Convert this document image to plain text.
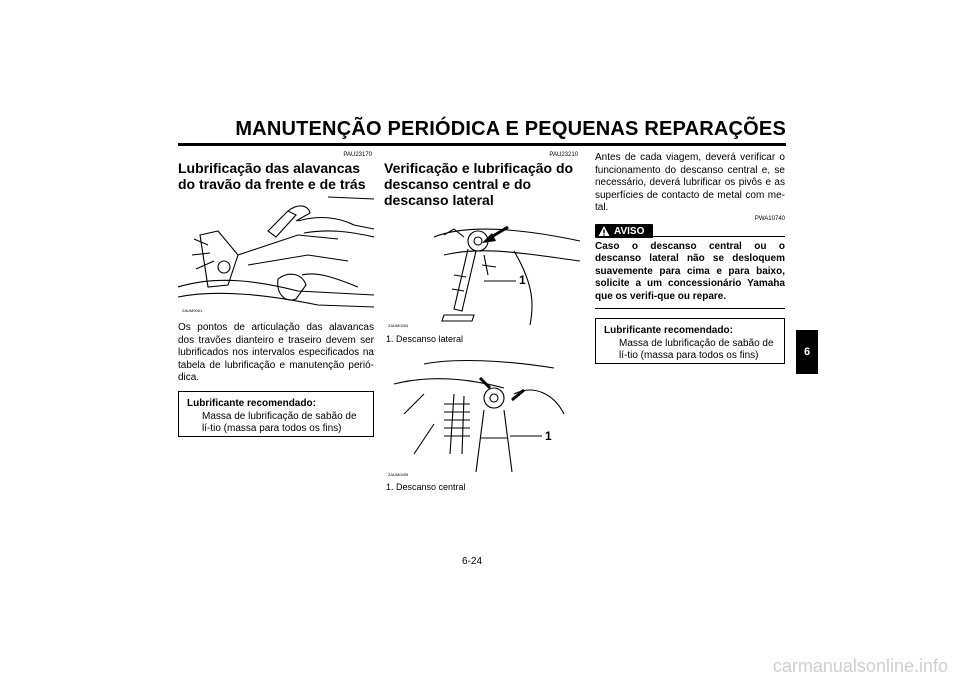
MANUTENÇÃO PERIÓDICA E PEQUENAS REPARAÇÕES
6
PAU23170
Lubrificação das alavancas do travão da frente e de trás
ZAUM0061
Os pontos de articulação das alavancas dos travões dianteiro e traseiro devem ser lubrificados nos intervalos especificados na tabela de lubrificação e manutenção perió-dica.
Lubrificante recomendado:
Massa de lubrificação de sabão de lí-tio (massa para todos os fins)
PAU23210
Verificação e lubrificação do descanso central e do descanso lateral
1
ZAUM0454
1. Descanso lateral
1
ZAUM0455
1. Descanso central
Antes de cada viagem, deverá verificar o funcionamento do descanso central e, se necessário, deverá lubrificar os pivôs e as superfícies de contacto de metal com me-tal.
PWA10740
AVISO
Caso o descanso central ou o descanso lateral não se desloquem suavemente para cima e para baixo, solicite a um concessionário Yamaha que os verifi-que ou repare.
Lubrificante recomendado:
Massa de lubrificação de sabão de lí-tio (massa para todos os fins)
6-24
carmanualsonline.info
